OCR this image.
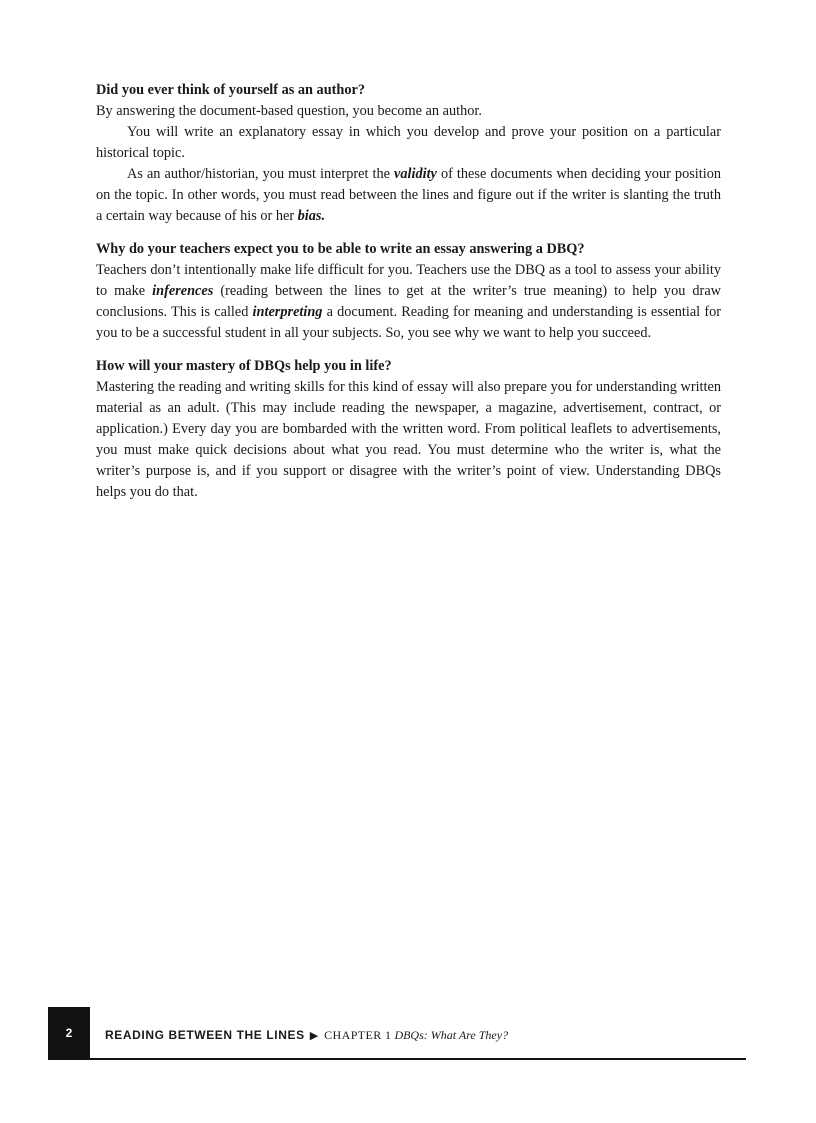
Did you ever think of yourself as an author?

By answering the document-based question, you become an author.

You will write an explanatory essay in which you develop and prove your position on a particular historical topic.

As an author/historian, you must interpret the validity of these documents when deciding your position on the topic. In other words, you must read between the lines and figure out if the writer is slanting the truth a certain way because of his or her bias.

Why do your teachers expect you to be able to write an essay answering a DBQ?

Teachers don’t intentionally make life difficult for you. Teachers use the DBQ as a tool to assess your ability to make inferences (reading between the lines to get at the writer’s true meaning) to help you draw conclusions. This is called interpreting a document. Reading for meaning and understanding is essential for you to be a successful student in all your subjects. So, you see why we want to help you succeed.

How will your mastery of DBQs help you in life?

Mastering the reading and writing skills for this kind of essay will also prepare you for understanding written material as an adult. (This may include reading the newspaper, a magazine, advertisement, contract, or application.) Every day you are bombarded with the written word. From political leaflets to advertisements, you must make quick decisions about what you read. You must determine who the writer is, what the writer’s purpose is, and if you support or disagree with the writer’s point of view. Understanding DBQs helps you do that.

2	READING BETWEEN THE LINES ▶ CHAPTER 1 DBQs: What Are They?
